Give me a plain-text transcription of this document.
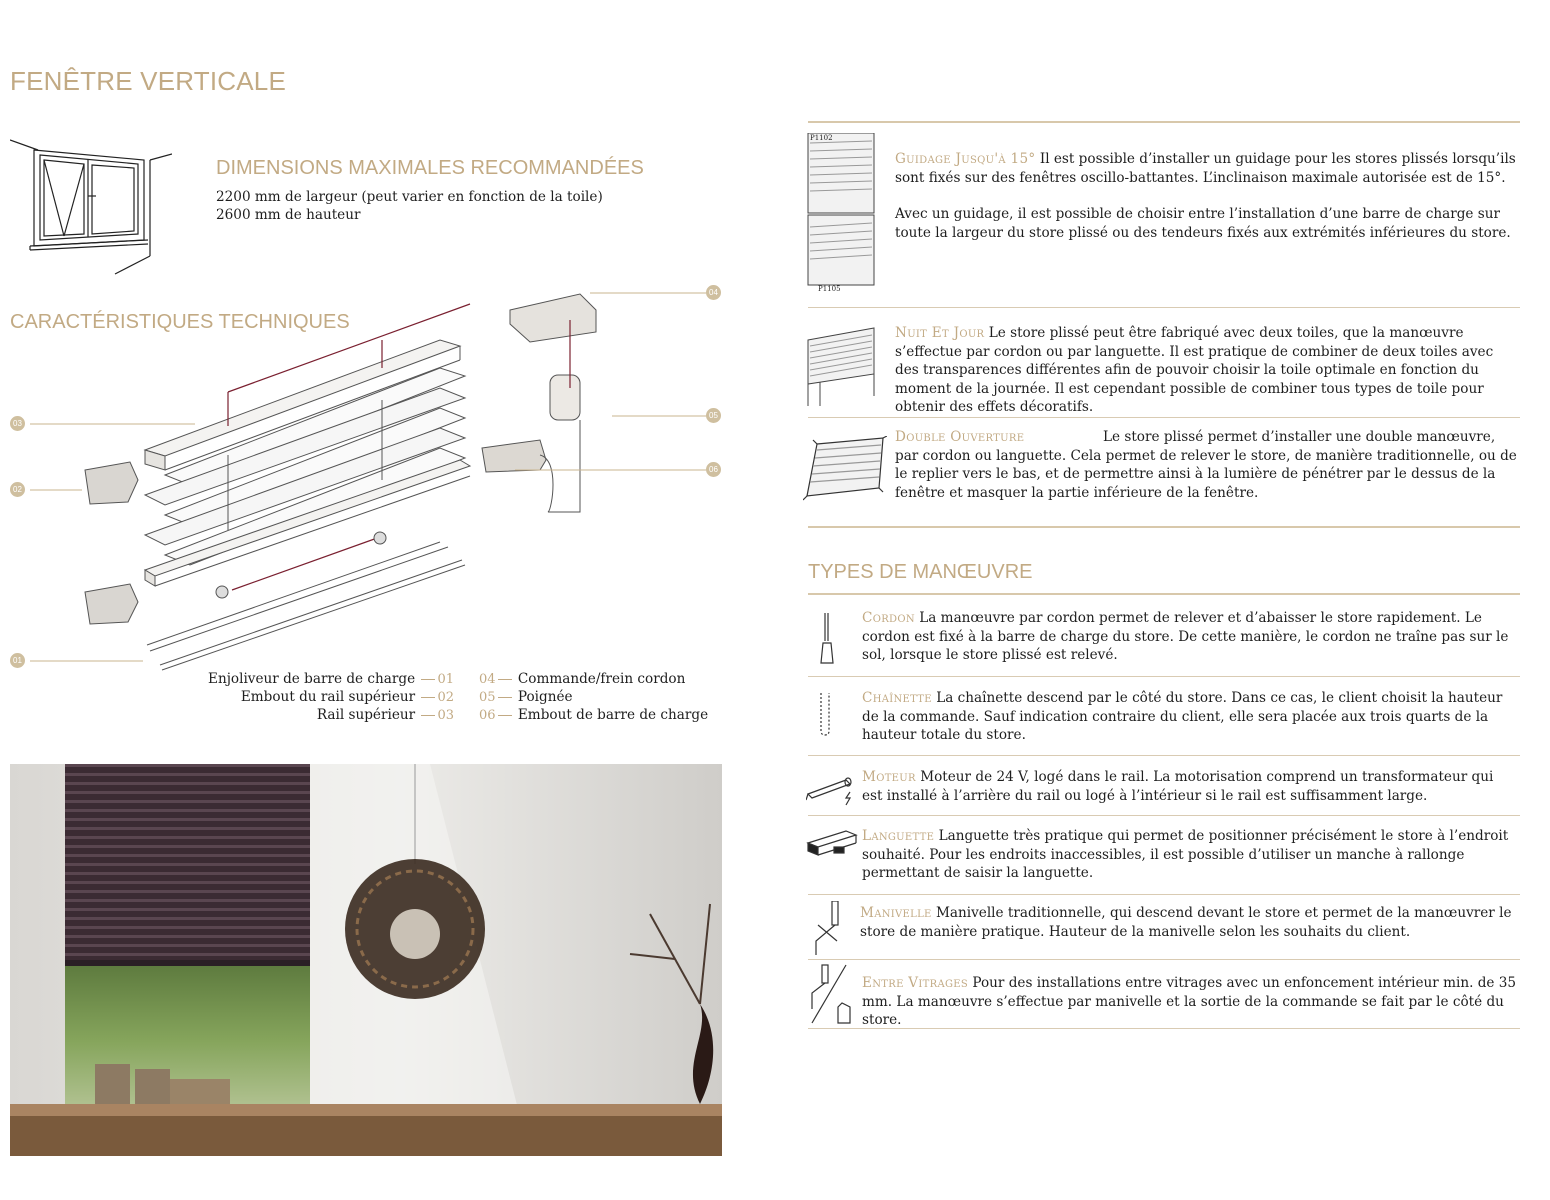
FENÊTRE VERTICALE
DIMENSIONS MAXIMALES RECOMMANDÉES
2200 mm de largeur (peut varier en fonction de la toile)
2600 mm de hauteur
CARACTÉRISTIQUES TECHNIQUES
03
02
01
04
05
06
Enjoliveur de barre de charge 01
Embout du rail supérieur 02
Rail supérieur 03
04 Commande/frein cordon
05 Poignée
06 Embout de barre de charge
P1102
P1105
Guidage Jusqu'à 15° Il est possible d’installer un guidage pour les stores plissés lorsqu’ils sont fixés sur des fenêtres oscillo-battantes. L’inclinaison maximale autorisée est de 15°.
Avec un guidage, il est possible de choisir entre l’installation d’une barre de charge sur toute la largeur du store plissé ou des tendeurs fixés aux extrémités inférieures du store.
Nuit Et Jour Le store plissé peut être fabriqué avec deux toiles, que la manœuvre s’effectue par cordon ou par languette. Il est pratique de combiner de deux toiles avec des transparences différentes afin de pouvoir choisir la toile optimale en fonction du moment de la journée. Il est cependant possible de combiner tous types de toile pour obtenir des effets décoratifs.
Double Ouverture	Le store plissé permet d’installer une double manœuvre, par cordon ou languette. Cela permet de relever le store, de manière traditionnelle, ou de le replier vers le bas, et de permettre ainsi à la lumière de pénétrer par le dessus de la fenêtre et masquer la partie inférieure de la fenêtre.
TYPES DE MANŒUVRE
Cordon La manœuvre par cordon permet de relever et d’abaisser le store rapidement. Le cordon est fixé à la barre de charge du store. De cette manière, le cordon ne traîne pas sur le sol, lorsque le store plissé est relevé.
Chaînette La chaînette descend par le côté du store. Dans ce cas, le client choisit la hauteur de la commande. Sauf indication contraire du client, elle sera placée aux trois quarts de la hauteur totale du store.
Moteur Moteur de 24 V, logé dans le rail. La motorisation comprend un transformateur qui est installé à l’arrière du rail ou logé à l’intérieur si le rail est suffisamment large.
Languette Languette très pratique qui permet de positionner précisément le store à l’endroit souhaité. Pour les endroits inaccessibles, il est possible d’utiliser un manche à rallonge permettant de saisir la languette.
Manivelle Manivelle traditionnelle, qui descend devant le store et permet de la manœuvrer le store de manière pratique. Hauteur de la manivelle selon les souhaits du client.
Entre Vitrages Pour des installations entre vitrages avec un enfoncement intérieur min. de 35 mm. La manœuvre s’effectue par manivelle et la sortie de la commande se fait par le côté du store.
